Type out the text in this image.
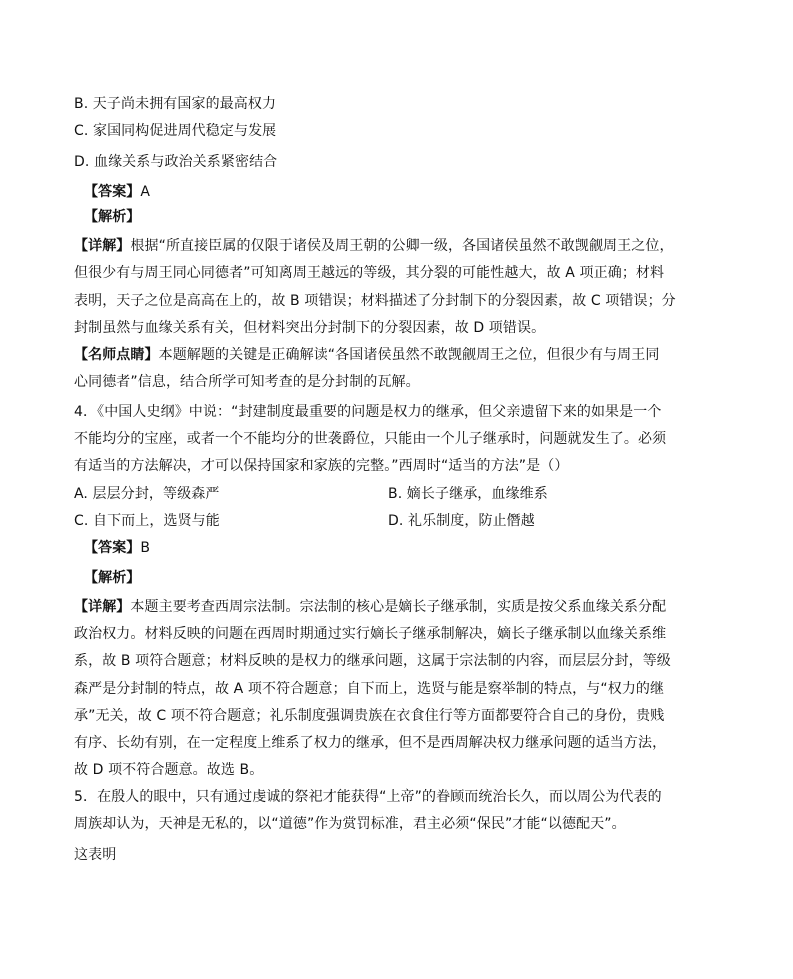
B. 天子尚未拥有国家的最高权力
C. 家国同构促进周代稳定与发展
D. 血缘关系与政治关系紧密结合
【答案】A
【解析】
【详解】根据“所直接臣属的仅限于诸侯及周王朝的公卿一级，各国诸侯虽然不敢觊觎周王之位，
但很少有与周王同心同德者”可知离周王越远的等级，其分裂的可能性越大，故 A 项正确；材料
表明，天子之位是高高在上的，故 B 项错误；材料描述了分封制下的分裂因素，故 C 项错误；分
封制虽然与血缘关系有关，但材料突出分封制下的分裂因素，故 D 项错误。
【名师点睛】本题解题的关键是正确解读“各国诸侯虽然不敢觊觎周王之位，但很少有与周王同
心同德者”信息，结合所学可知考查的是分封制的瓦解。
4．《中国人史纲》中说：“封建制度最重要的问题是权力的继承，但父亲遗留下来的如果是一个
不能均分的宝座，或者一个不能均分的世袭爵位，只能由一个儿子继承时，问题就发生了。必须
有适当的方法解决，才可以保持国家和家族的完整。”西周时“适当的方法”是（）
A. 层层分封，等级森严	B. 嫡长子继承，血缘维系
C. 自下而上，选贤与能	D. 礼乐制度，防止僭越
【答案】B
【解析】
【详解】本题主要考查西周宗法制。宗法制的核心是嫡长子继承制，实质是按父系血缘关系分配
政治权力。材料反映的问题在西周时期通过实行嫡长子继承制解决，嫡长子继承制以血缘关系维
系，故 B 项符合题意；材料反映的是权力的继承问题，这属于宗法制的内容，而层层分封，等级
森严是分封制的特点，故 A 项不符合题意；自下而上，选贤与能是察举制的特点，与“权力的继
承”无关，故 C 项不符合题意；礼乐制度强调贵族在衣食住行等方面都要符合自己的身份，贵贱
有序、长幼有别，在一定程度上维系了权力的继承，但不是西周解决权力继承问题的适当方法，
故 D 项不符合题意。故选 B。
5．在殷人的眼中，只有通过虔诚的祭祀才能获得“上帝”的眷顾而统治长久，而以周公为代表的
周族却认为，天神是无私的，以“道德”作为赏罚标准，君主必须“保民”才能“以德配天”。
这表明
